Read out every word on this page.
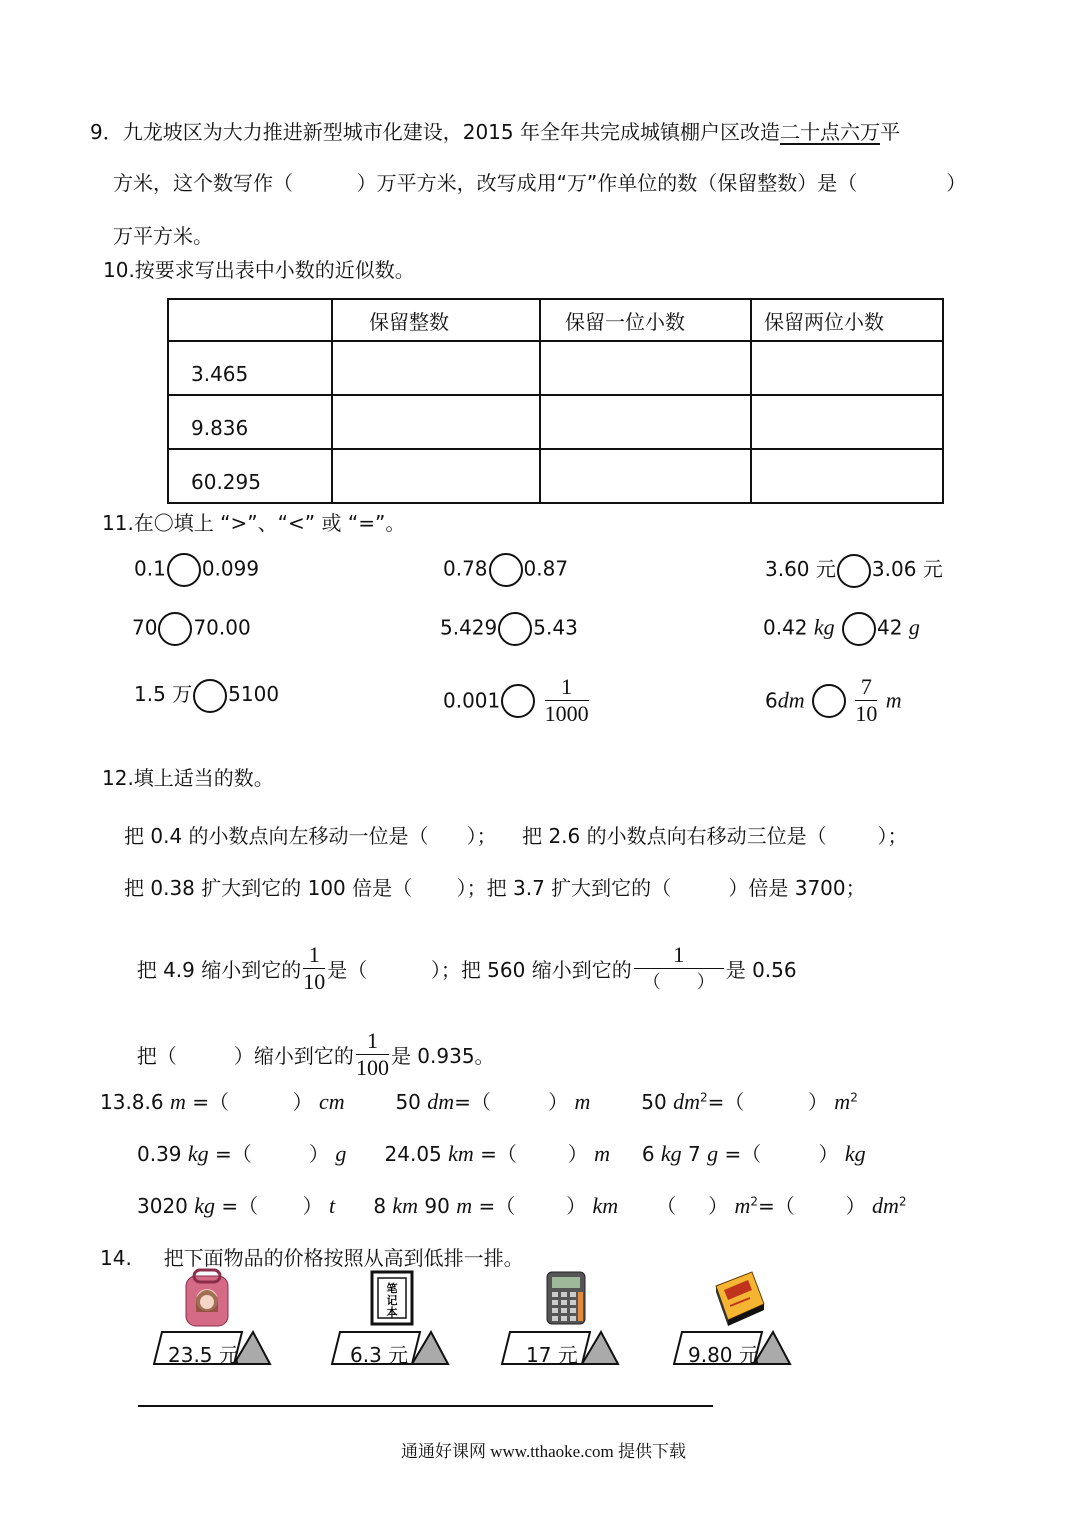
9．九龙坡区为大力推进新型城市化建设，2015 年全年共完成城镇棚户区改造二十点六万平
方米，这个数写作（          ）万平方米，改写成用“万”作单位的数（保留整数）是（              ）
万平方米。
10.按要求写出表中小数的近似数。
	保留整数	保留一位小数	保留两位小数
3.465			
9.836			
60.295			
11.在〇填上 “>”、“<” 或 “=”。
0.1 0.099	0.78 0.87	3.60 元 3.06 元
70 70.00	5.429 5.43	0.42 kg 42 g
1.5 万 5100	$0.001 \frac{1}{1000}$	$6dm \frac{7}{10}$ m
12.填上适当的数。
把 0.4 的小数点向左移动一位是（      ）；    把 2.6 的小数点向右移动三位是（        ）；
把 0.38 扩大到它的 100 倍是（       ）；把 3.7 扩大到它的（         ）倍是 3700；

把 4.9 缩小到它的 $\frac{1}{10}$ 是（          ）；把 560 缩小到它的 $\frac{1}{( )}$ 是 0.56

把（         ）缩小到它的 $\frac{1}{100}$ 是 0.935。

13.8.6 m =（	） cm	50 dm=（	） m	50 $dm^2=$（	） $m^2$
0.39 kg =（	） g 24.05 km =（	） m 6 kg 7 g =（	） kg
3020 kg =（ ） t 8 km 90 m =（	） km （ ） $m^2=$（	） $dm^2$
14.     把下面物品的价格按照从高到低排一排。
笔
记
本
23.5 元	6.3 元	17 元	9.80 元
通通好课网 www.tthaoke.com 提供下载
